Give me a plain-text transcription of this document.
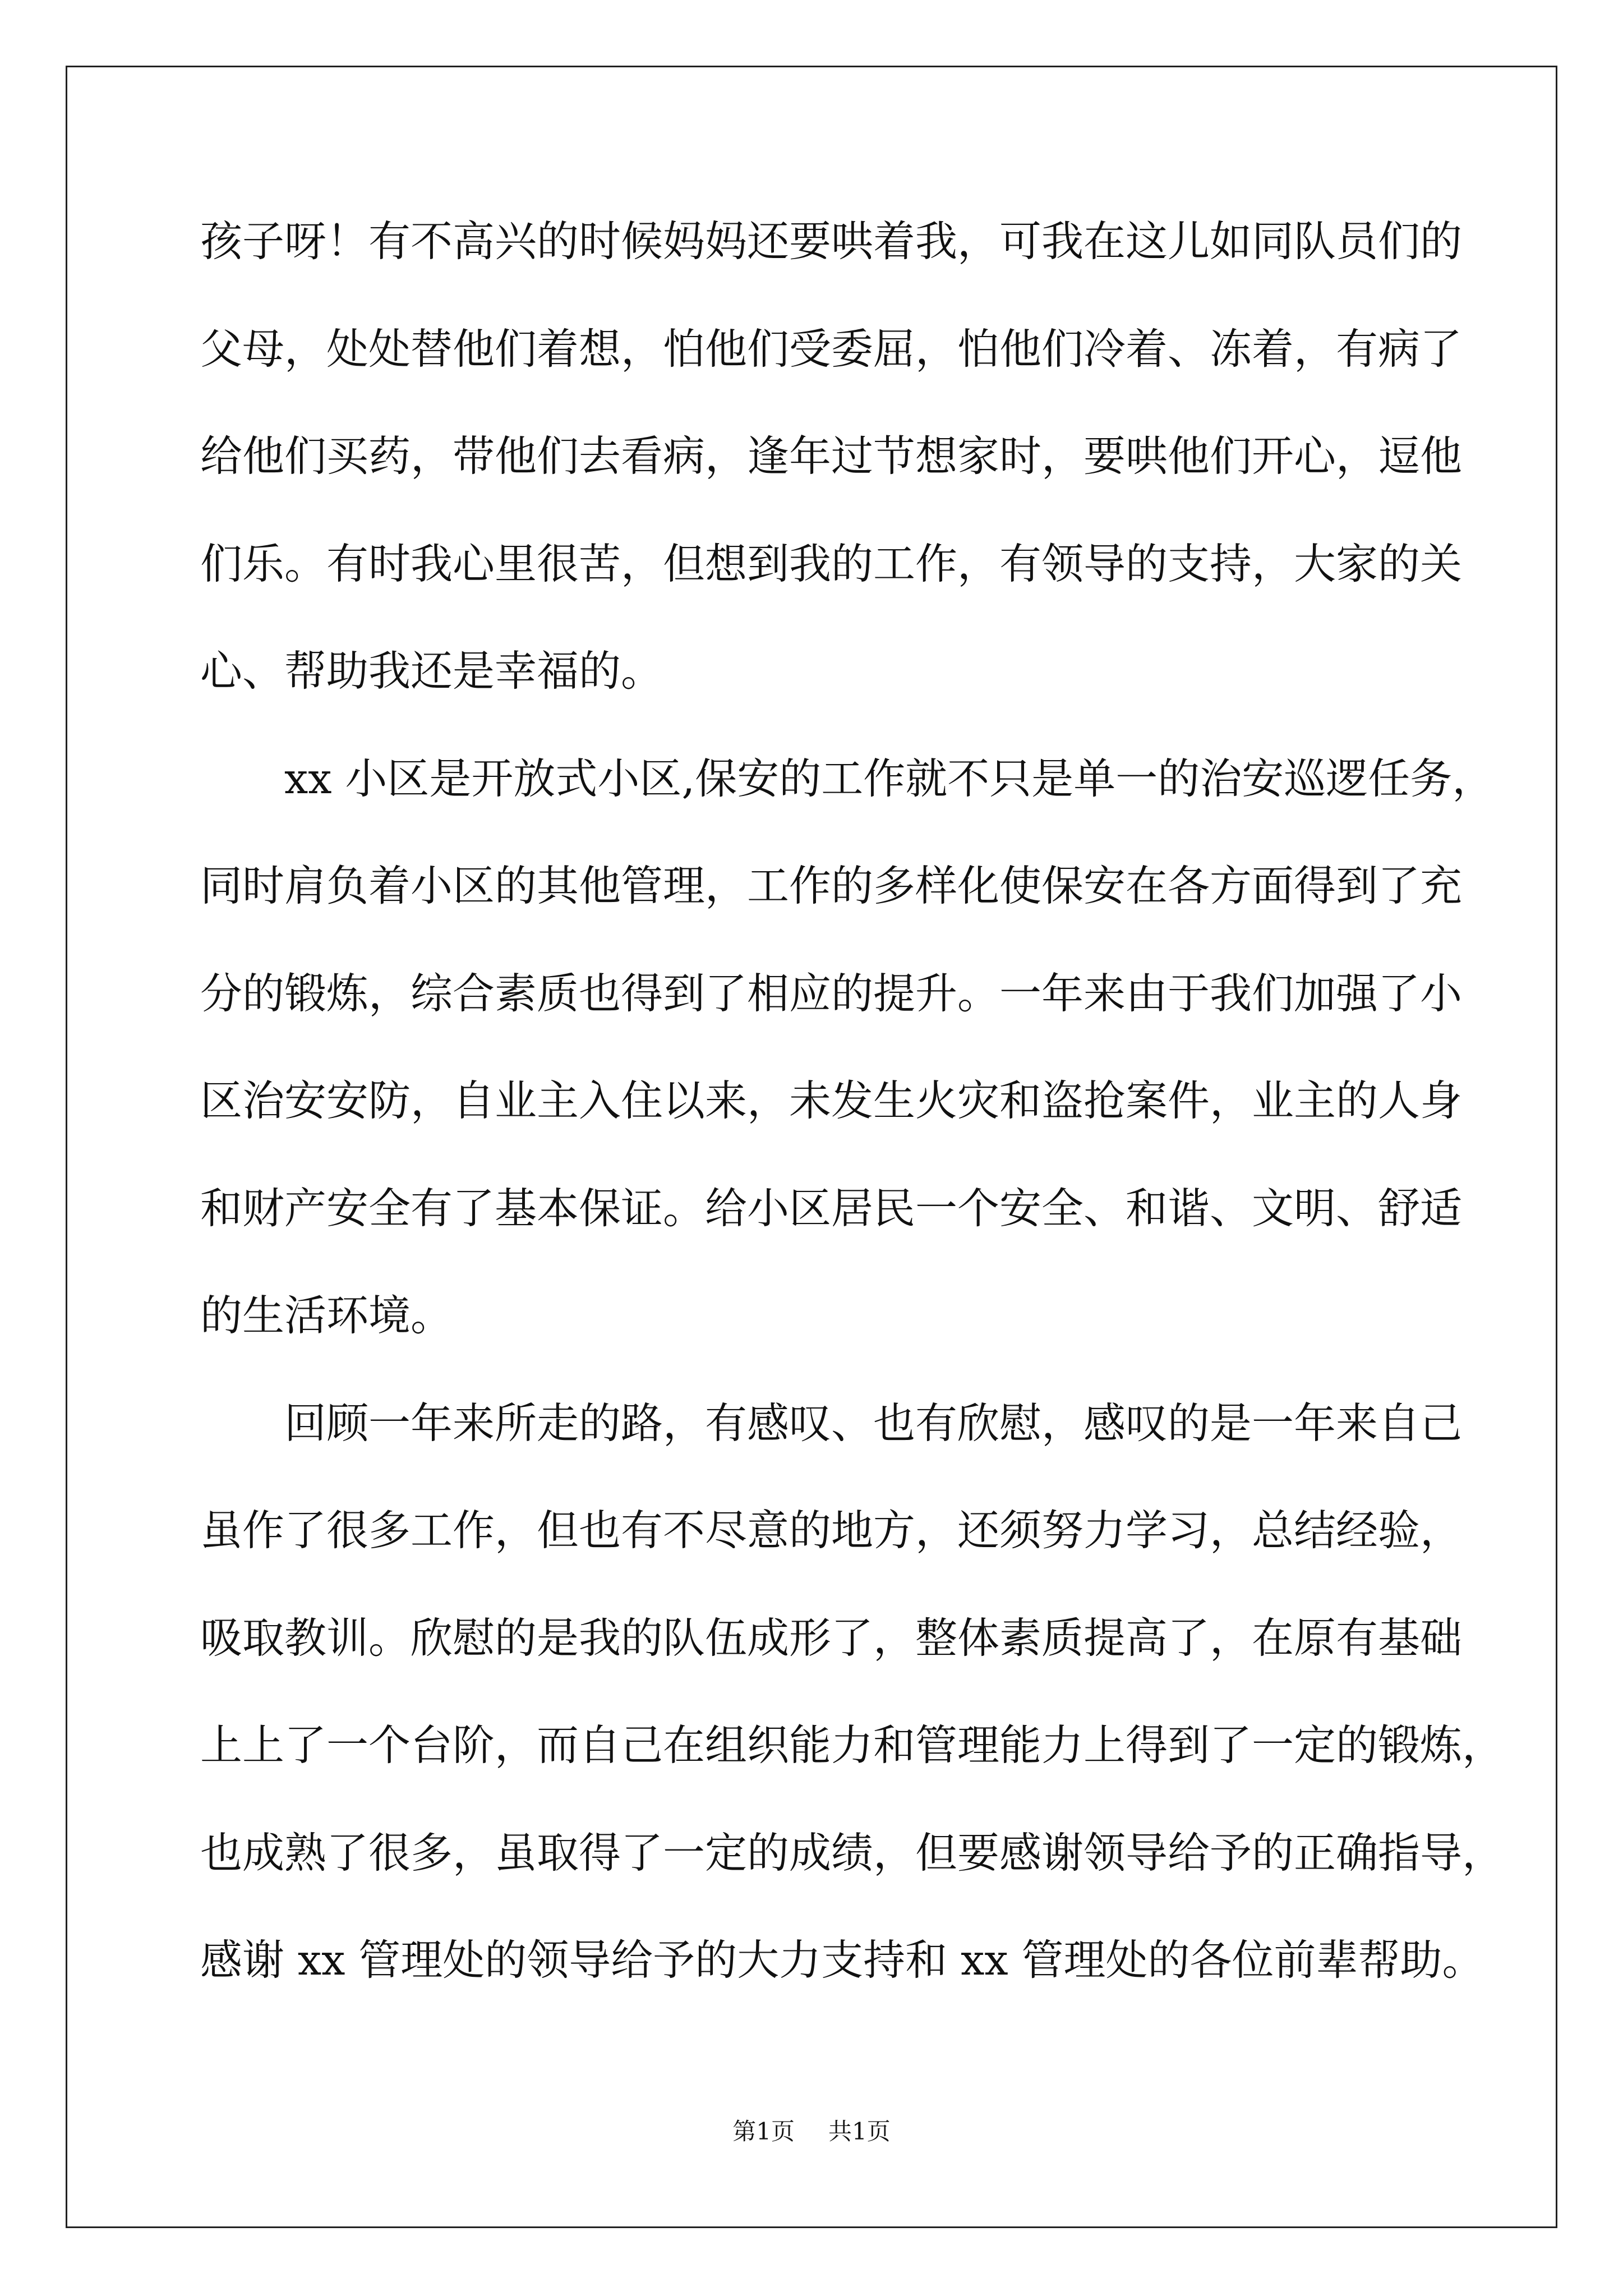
孩子呀！有不高兴的时候妈妈还要哄着我，可我在这儿如同队员们的
父母，处处替他们着想，怕他们受委屈，怕他们冷着、冻着，有病了
给他们买药，带他们去看病，逢年过节想家时，要哄他们开心，逗他
们乐。有时我心里很苦，但想到我的工作，有领导的支持，大家的关
心、帮助我还是幸福的。
xx 小区是开放式小区,保安的工作就不只是单一的治安巡逻任务，
同时肩负着小区的其他管理，工作的多样化使保安在各方面得到了充
分的锻炼，综合素质也得到了相应的提升。一年来由于我们加强了小
区治安安防，自业主入住以来，未发生火灾和盗抢案件，业主的人身
和财产安全有了基本保证。给小区居民一个安全、和谐、文明、舒适
的生活环境。
回顾一年来所走的路，有感叹、也有欣慰，感叹的是一年来自己
虽作了很多工作，但也有不尽意的地方，还须努力学习，总结经验，
吸取教训。欣慰的是我的队伍成形了，整体素质提高了，在原有基础
上上了一个台阶，而自己在组织能力和管理能力上得到了一定的锻炼，
也成熟了很多，虽取得了一定的成绩，但要感谢领导给予的正确指导，
感谢 xx 管理处的领导给予的大力支持和 xx 管理处的各位前辈帮助。
第1页 共1页
